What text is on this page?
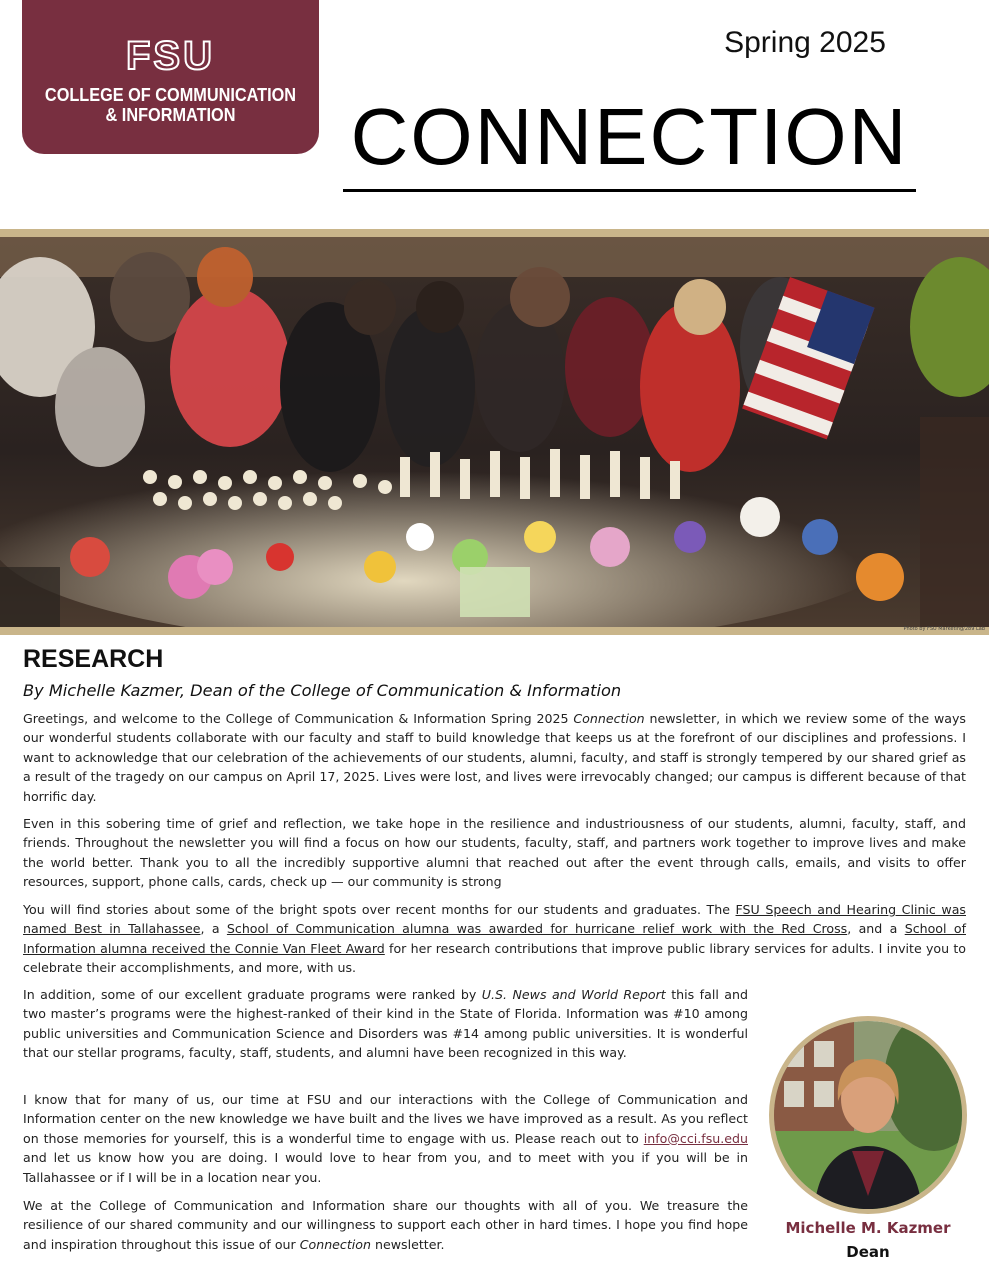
FSU
COLLEGE OF COMMUNICATION
& INFORMATION
Spring 2025
CONNECTION
Photo by FSU Marketing/289 Lab
RESEARCH
By Michelle Kazmer, Dean of the College of Communication & Information

Greetings, and welcome to the College of Communication & Information Spring 2025 Connection newsletter, in which we review some of the ways our wonderful students collaborate with our faculty and staff to build knowledge that keeps us at the forefront of our disciplines and professions. I want to acknowledge that our celebration of the achievements of our students, alumni, faculty, and staff is strongly tempered by our shared grief as a result of the tragedy on our campus on April 17, 2025. Lives were lost, and lives were irrevocably changed; our campus is different because of that horrific day.

Even in this sobering time of grief and reflection, we take hope in the resilience and industriousness of our students, alumni, faculty, staff, and friends. Throughout the newsletter you will find a focus on how our students, faculty, staff, and partners work together to improve lives and make the world better. Thank you to all the incredibly supportive alumni that reached out after the event through calls, emails, and visits to offer resources, support, phone calls, cards, check up — our community is strong

You will find stories about some of the bright spots over recent months for our students and graduates. The FSU Speech and Hearing Clinic was named Best in Tallahassee, a School of Communication alumna was awarded for hurricane relief work with the Red Cross, and a School of Information alumna received the Connie Van Fleet Award for her research contributions that improve public library services for adults. I invite you to celebrate their accomplishments, and more, with us.

In addition, some of our excellent graduate programs were ranked by U.S. News and World Report this fall and two master’s programs were the highest-ranked of their kind in the State of Florida. Information was #10 among public universities and Communication Science and Disorders was #14 among public universities. It is wonderful that our stellar programs, faculty, staff, students, and alumni have been recognized in this way.

I know that for many of us, our time at FSU and our interactions with the College of Communication and Information center on the new knowledge we have built and the lives we have improved as a result. As you reflect on those memories for yourself, this is a wonderful time to engage with us. Please reach out to info@cci.fsu.edu and let us know how you are doing. I would love to hear from you, and to meet with you if you will be in Tallahassee or if I will be in a location near you.

We at the College of Communication and Information share our thoughts with all of you. We treasure the resilience of our shared community and our willingness to support each other in hard times. I hope you find hope and inspiration throughout this issue of our Connection newsletter.

Michelle M. Kazmer
Dean
